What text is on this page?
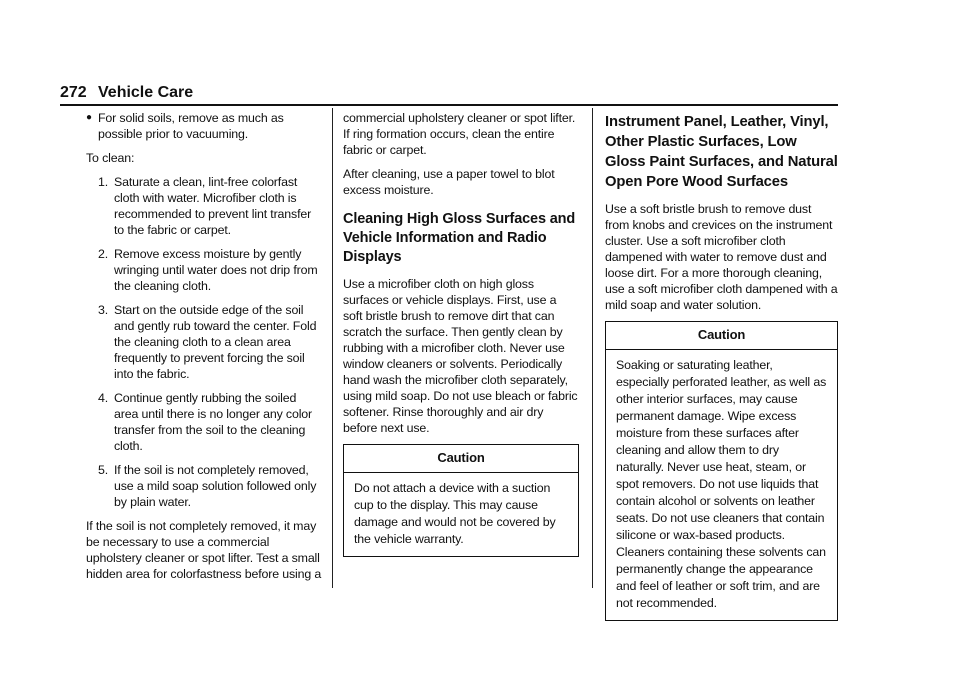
272 Vehicle Care
● For solid soils, remove as much as possible prior to vacuuming.

To clean:

1. Saturate a clean, lint-free colorfast cloth with water. Microfiber cloth is recommended to prevent lint transfer to the fabric or carpet.
2. Remove excess moisture by gently wringing until water does not drip from the cleaning cloth.
3. Start on the outside edge of the soil and gently rub toward the center. Fold the cleaning cloth to a clean area frequently to prevent forcing the soil into the fabric.
4. Continue gently rubbing the soiled area until there is no longer any color transfer from the soil to the cleaning cloth.
5. If the soil is not completely removed, use a mild soap solution followed only by plain water.

If the soil is not completely removed, it may be necessary to use a commercial upholstery cleaner or spot lifter. Test a small hidden area for colorfastness before using a

commercial upholstery cleaner or spot lifter. If ring formation occurs, clean the entire fabric or carpet.

After cleaning, use a paper towel to blot excess moisture.

Cleaning High Gloss Surfaces and Vehicle Information and Radio Displays

Use a microfiber cloth on high gloss surfaces or vehicle displays. First, use a soft bristle brush to remove dirt that can scratch the surface. Then gently clean by rubbing with a microfiber cloth. Never use window cleaners or solvents. Periodically hand wash the microfiber cloth separately, using mild soap. Do not use bleach or fabric softener. Rinse thoroughly and air dry before next use.

Caution
Do not attach a device with a suction cup to the display. This may cause damage and would not be covered by the vehicle warranty.
Instrument Panel, Leather, Vinyl, Other Plastic Surfaces, Low Gloss Paint Surfaces, and Natural Open Pore Wood Surfaces

Use a soft bristle brush to remove dust from knobs and crevices on the instrument cluster. Use a soft microfiber cloth dampened with water to remove dust and loose dirt. For a more thorough cleaning, use a soft microfiber cloth dampened with a mild soap and water solution.

Caution
Soaking or saturating leather, especially perforated leather, as well as other interior surfaces, may cause permanent damage. Wipe excess moisture from these surfaces after cleaning and allow them to dry naturally. Never use heat, steam, or spot removers. Do not use liquids that contain alcohol or solvents on leather seats. Do not use cleaners that contain silicone or wax-based products. Cleaners containing these solvents can permanently change the appearance and feel of leather or soft trim, and are not recommended.
